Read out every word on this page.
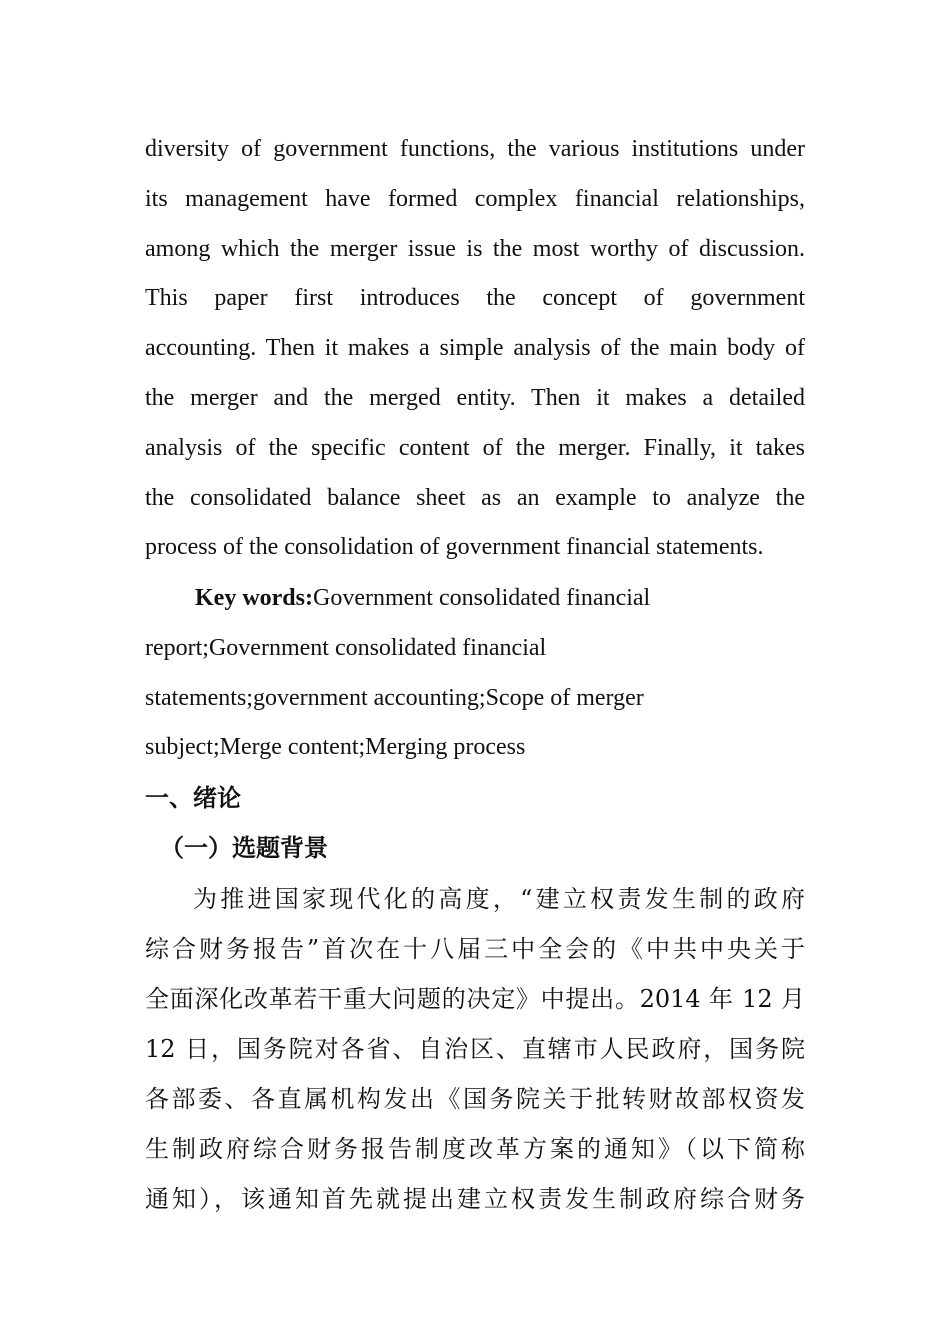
diversity of government functions, the various institutions under
its management have formed complex financial relationships,
among which the merger issue is the most worthy of discussion.
This paper first introduces the concept of government
accounting. Then it makes a simple analysis of the main body of
the merger and the merged entity. Then it makes a detailed
analysis of the specific content of the merger. Finally, it takes
the consolidated balance sheet as an example to analyze the
process of the consolidation of government financial statements.
Key words:Government consolidated financial
report;Government consolidated financial
statements;government accounting;Scope of merger
subject;Merge content;Merging process
一、绪论
（一）选题背景
为推进国家现代化的高度，“建立权责发生制的政府
综合财务报告”首次在十八届三中全会的《中共中央关于
全面深化改革若干重大问题的决定》中提出。2014 年 12 月
12 日，国务院对各省、自治区、直辖市人民政府，国务院
各部委、各直属机构发出《国务院关于批转财故部权资发
生制政府综合财务报告制度改革方案的通知》（以下简称
通知），该通知首先就提出建立权责发生制政府综合财务
